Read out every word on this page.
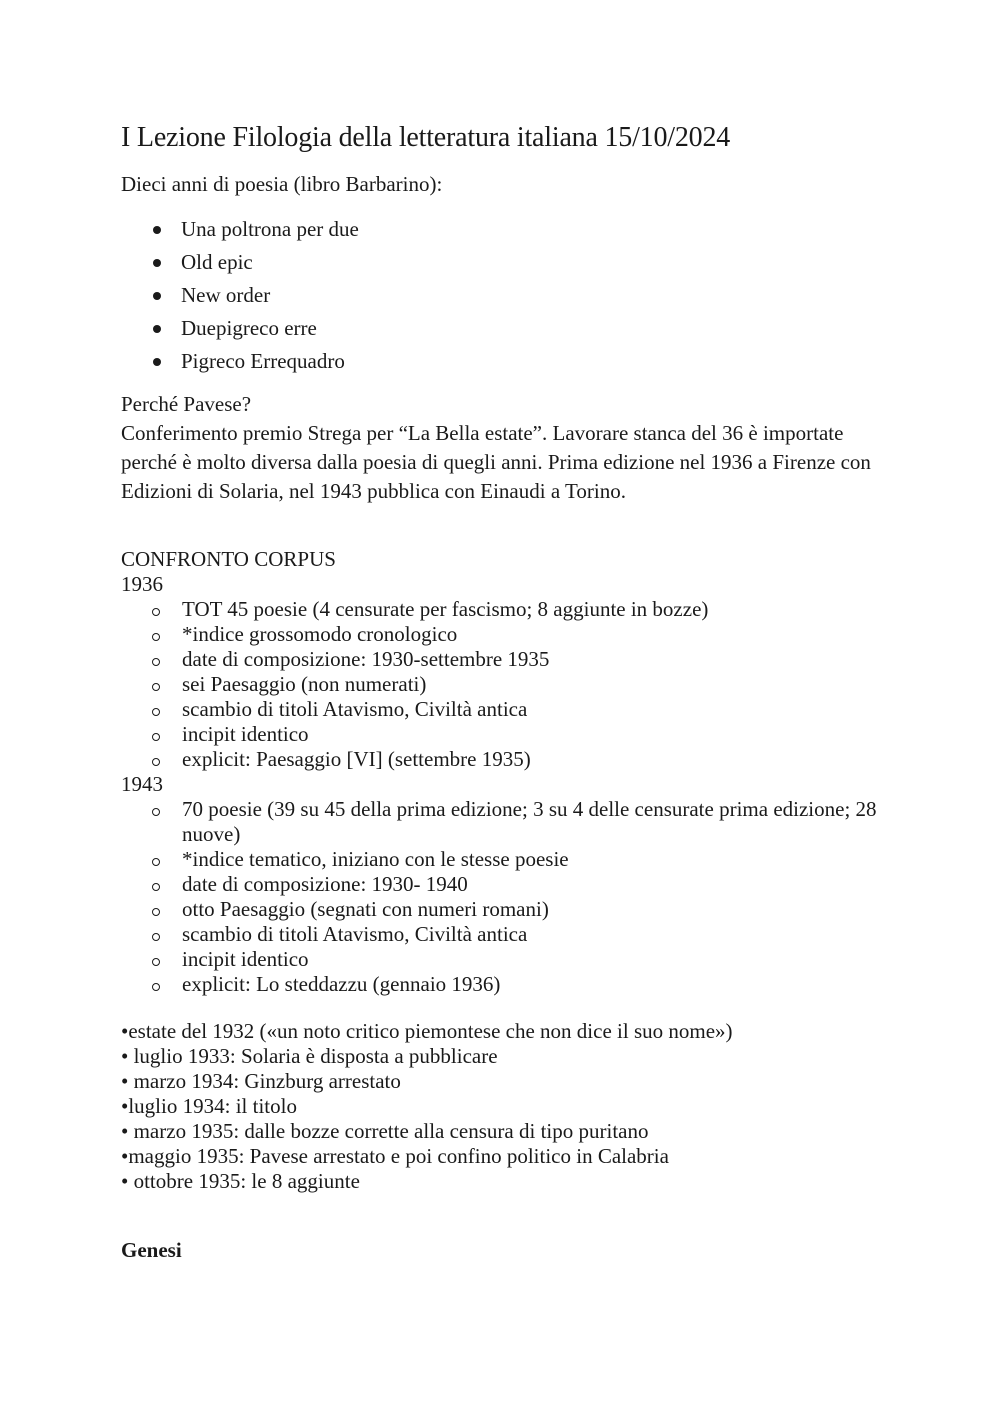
I Lezione Filologia della letteratura italiana 15/10/2024

Dieci anni di poesia (libro Barbarino):

Una poltrona per due
Old epic
New order
Duepigreco erre
Pigreco Errequadro

Perché Pavese?

Conferimento premio Strega per “La Bella estate”. Lavorare stanca del 36 è importate perché è molto diversa dalla poesia di quegli anni. Prima edizione nel 1936 a Firenze con Edizioni di Solaria, nel 1943 pubblica con Einaudi a Torino.

CONFRONTO CORPUS
1936
TOT 45 poesie (4 censurate per fascismo; 8 aggiunte in bozze)
*indice grossomodo cronologico
date di composizione: 1930-settembre 1935
sei Paesaggio (non numerati)
scambio di titoli Atavismo, Civiltà antica
incipit identico
explicit: Paesaggio [VI] (settembre 1935)
1943
70 poesie (39 su 45 della prima edizione; 3 su 4 delle censurate prima edizione; 28 nuove)
*indice tematico, iniziano con le stesse poesie
date di composizione: 1930- 1940
otto Paesaggio (segnati con numeri romani)
scambio di titoli Atavismo, Civiltà antica
incipit identico
explicit: Lo steddazzu (gennaio 1936)
•estate del 1932 («un noto critico piemontese che non dice il suo nome»)
• luglio 1933: Solaria è disposta a pubblicare
• marzo 1934: Ginzburg arrestato
•luglio 1934: il titolo
• marzo 1935: dalle bozze corrette alla censura di tipo puritano
•maggio 1935: Pavese arrestato e poi confino politico in Calabria
• ottobre 1935: le 8 aggiunte
Genesi
